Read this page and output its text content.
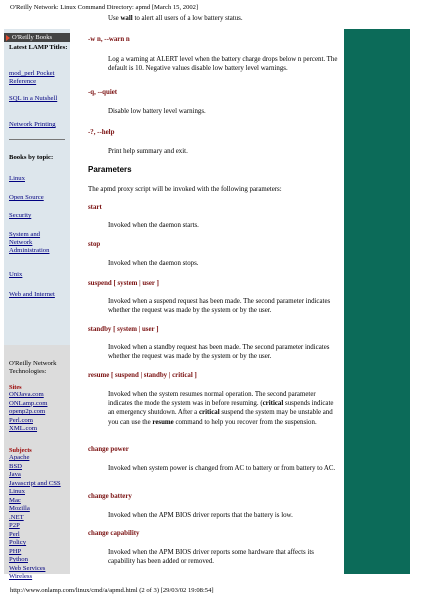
O'Reilly Network: Linux Command Directory: apmd [March 15, 2002]
O'Reilly Books
Latest LAMP Titles:
mod_perl Pocket Reference
SQL in a Nutshell
Network Printing
Books by topic:
Linux
Open Source
Security
System and Network Administration
Unix
Web and Internet
O'Reilly Network Technologies:
Sites
ONJava.com
ONLamp.com
openp2p.com
Perl.com
XML.com
Subjects
Apache
BSD
Java
Javascript and CSS
Linux
Mac
Mozilla
.NET
P2P
Perl
Policy
PHP
Python
Web Services
Wireless
Use wall to alert all users of a low battery status.
-w n, --warn n
Log a warning at ALERT level when the battery charge drops below n percent. The default is 10. Negative values disable low battery level warnings.
-q, --quiet
Disable low battery level warnings.
-?, --help
Print help summary and exit.
Parameters
The apmd proxy script will be invoked with the following parameters:
start
Invoked when the daemon starts.
stop
Invoked when the daemon stops.
suspend [ system | user ]
Invoked when a suspend request has been made. The second parameter indicates whether the request was made by the system or by the user.
standby [ system | user ]
Invoked when a standby request has been made. The second parameter indicates whether the request was made by the system or by the user.
resume [ suspend | standby | critical ]
Invoked when the system resumes normal operation. The second parameter indicates the mode the system was in before resuming. (critical suspends indicate an emergency shutdown. After a critical suspend the system may be unstable and you can use the resume command to help you recover from the suspension.
change power
Invoked when system power is changed from AC to battery or from battery to AC.
change battery
Invoked when the APM BIOS driver reports that the battery is low.
change capability
Invoked when the APM BIOS driver reports some hardware that affects its capability has been added or removed.
http://www.onlamp.com/linux/cmd/a/apmd.html (2 of 3) [29/03/02 19:08:54]
